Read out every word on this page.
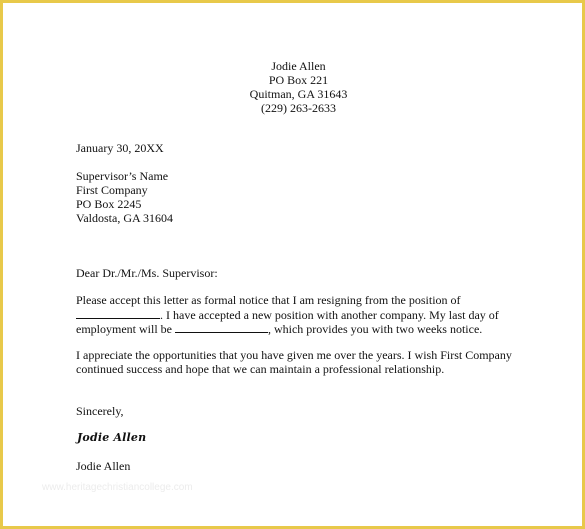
Jodie Allen
PO Box 221
Quitman, GA 31643
(229) 263-2633
January 30, 20XX
Supervisor’s Name
First Company
PO Box 2245
Valdosta, GA 31604
Dear Dr./Mr./Ms. Supervisor:
Please accept this letter as formal notice that I am resigning from the position of
. I have accepted a new position with another company. My last day of
employment will be	, which provides you with two weeks notice.
I appreciate the opportunities that you have given me over the years. I wish First Company
continued success and hope that we can maintain a professional relationship.
Sincerely,
Jodie Allen
Jodie Allen
www.heritagechristiancollege.com
